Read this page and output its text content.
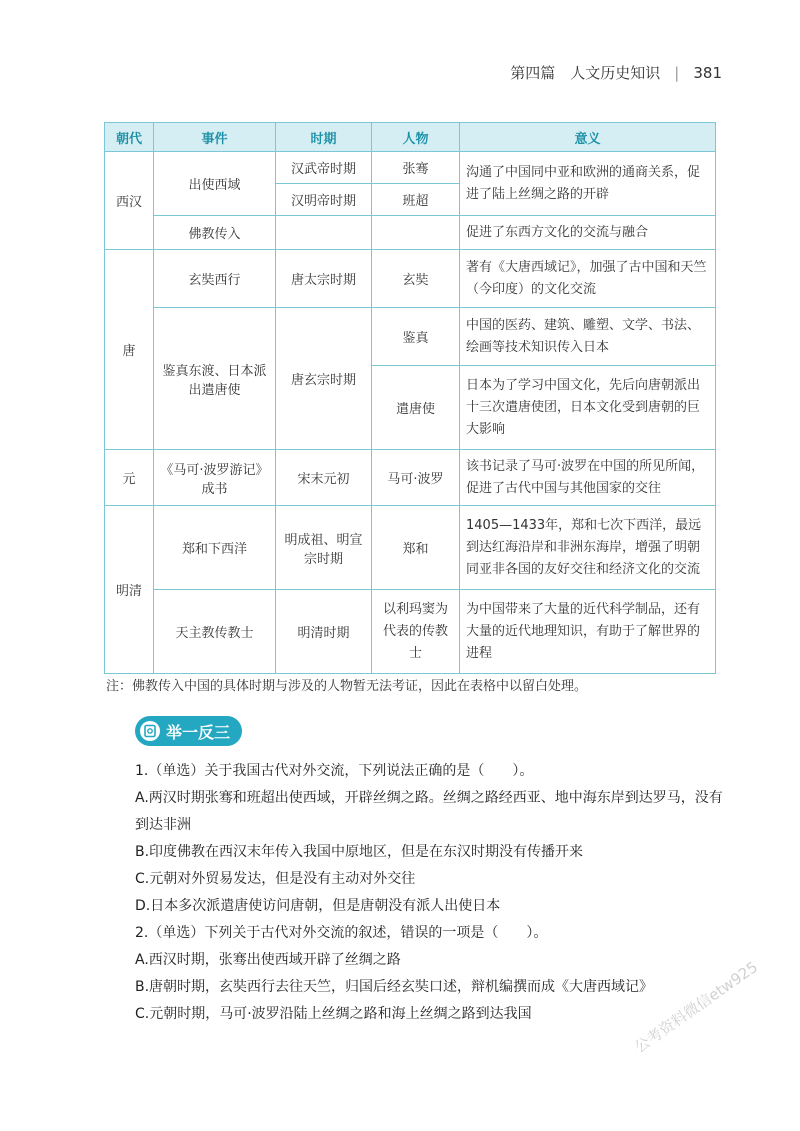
第四篇　人文历史知识 | 381
朝代	事件	时期	人物	意义
西汉	出使西域	汉武帝时期	张骞	沟通了中国同中亚和欧洲的通商关系，促进了陆上丝绸之路的开辟
		汉明帝时期	班超	
	佛教传入			促进了东西方文化的交流与融合
唐	玄奘西行	唐太宗时期	玄奘	著有《大唐西域记》，加强了古中国和天竺（今印度）的文化交流
	鉴真东渡、日本派出遣唐使	唐玄宗时期	鉴真	中国的医药、建筑、雕塑、文学、书法、绘画等技术知识传入日本
			遣唐使	日本为了学习中国文化，先后向唐朝派出十三次遣唐使团，日本文化受到唐朝的巨大影响
元	《马可·波罗游记》成书	宋末元初	马可·波罗	该书记录了马可·波罗在中国的所见所闻，促进了古代中国与其他国家的交往
明清	郑和下西洋	明成祖、明宣宗时期	郑和	1405—1433年，郑和七次下西洋，最远到达红海沿岸和非洲东海岸，增强了明朝同亚非各国的友好交往和经济文化的交流
	天主教传教士	明清时期	以利玛窦为代表的传教士	为中国带来了大量的近代科学制品，还有大量的近代地理知识，有助于了解世界的进程
注：佛教传入中国的具体时期与涉及的人物暂无法考证，因此在表格中以留白处理。
举一反三

1.（单选）关于我国古代对外交流，下列说法正确的是（　　）。

A.两汉时期张骞和班超出使西域，开辟丝绸之路。丝绸之路经西亚、地中海东岸到达罗马，没有到达非洲

B.印度佛教在西汉末年传入我国中原地区，但是在东汉时期没有传播开来

C.元朝对外贸易发达，但是没有主动对外交往

D.日本多次派遣唐使访问唐朝，但是唐朝没有派人出使日本

2.（单选）下列关于古代对外交流的叙述，错误的一项是（　　）。

A.西汉时期，张骞出使西域开辟了丝绸之路

B.唐朝时期，玄奘西行去往天竺，归国后经玄奘口述，辩机编撰而成《大唐西域记》

C.元朝时期，马可·波罗沿陆上丝绸之路和海上丝绸之路到达我国	公考资料微信etw925
